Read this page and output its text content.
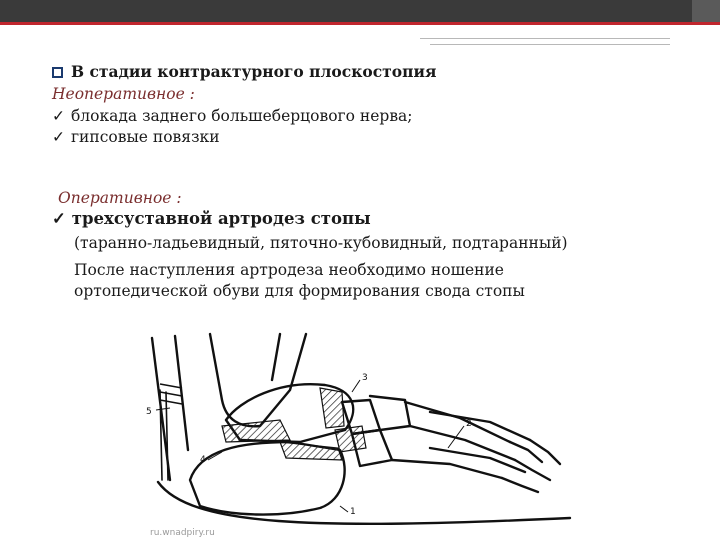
В стадии контрактурного плоскостопия
Неоперативное :
✓ блокада заднего большеберцового нерва;
✓ гипсовые повязки
Оперативное :
✓ трехсуставной артродез стопы
(таранно-ладьевидный, пяточно-кубовидный, подтаранный)
После наступления артродеза необходимо ношение
ортопедической обуви для формирования свода стопы
3
2
4
5
1
ru.wnadpiry.ru
